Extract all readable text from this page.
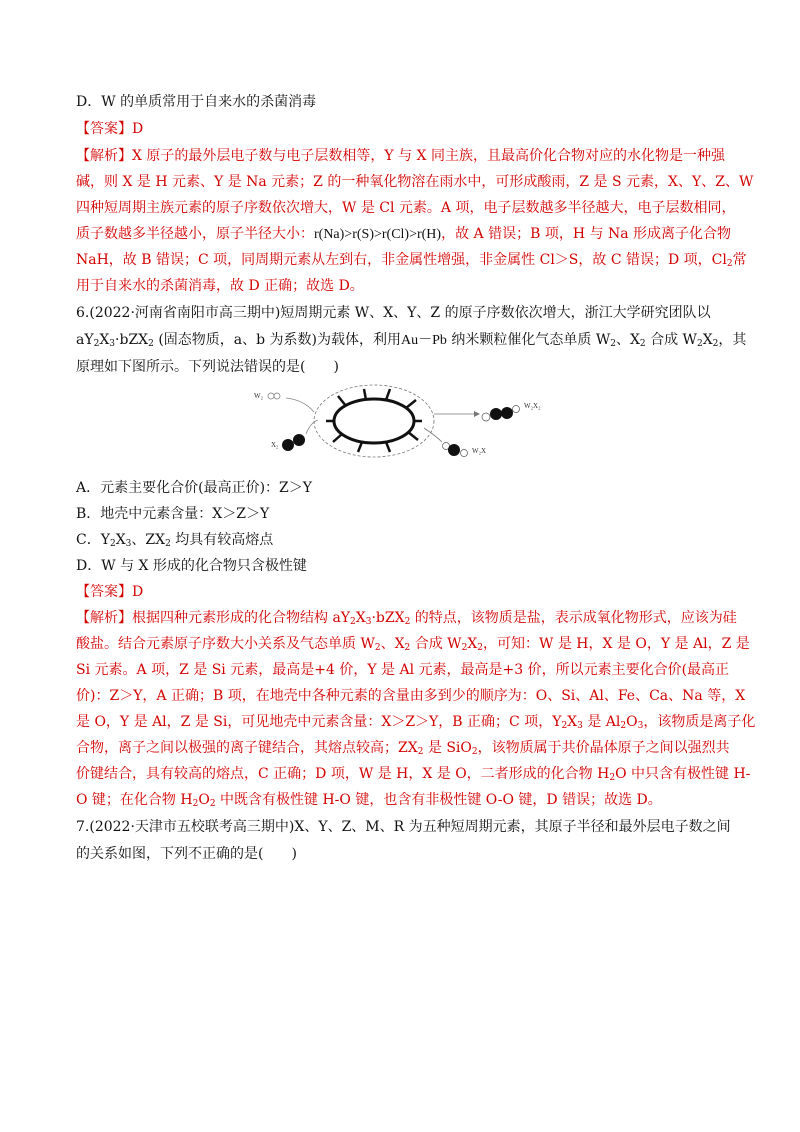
D．W 的单质常用于自来水的杀菌消毒
【答案】D
【解析】X 原子的最外层电子数与电子层数相等，Y 与 X 同主族，且最高价化合物对应的水化物是一种强
碱，则 X 是 H 元素、Y 是 Na 元素；Z 的一种氧化物溶在雨水中，可形成酸雨，Z 是 S 元素，X、Y、Z、W
四种短周期主族元素的原子序数依次增大，W 是 Cl 元素。A 项，电子层数越多半径越大，电子层数相同，
质子数越多半径越小，原子半径大小：r(Na)>r(S)>r(Cl)>r(H)，故 A 错误；B 项，H 与 Na 形成离子化合物
NaH，故 B 错误；C 项，同周期元素从左到右，非金属性增强，非金属性 Cl＞S，故 C 错误；D 项，$Cl_2$常
用于自来水的杀菌消毒，故 D 正确；故选 D。
6.(2022·河南省南阳市高三期中)短周期元素 W、X、Y、Z 的原子序数依次增大，浙江大学研究团队以
$aY_2X_3\cdot bZX_2$ (固态物质，a、b 为系数)为载体，利用Au－Pb 纳米颗粒催化气态单质 $W_2$、$X_2$ 合成 $W_2X_2$，其
原理如下图所示。下列说法错误的是(　　)
W₂
X₂
W₂X₂
W₂X
A．元素主要化合价(最高正价)：Z＞Y
B．地壳中元素含量：X＞Z＞Y
C．$Y_2X_3$、$ZX_2$ 均具有较高熔点
D．W 与 X 形成的化合物只含极性键
【答案】D
【解析】根据四种元素形成的化合物结构 $aY_2X_3\cdot bZX_2$ 的特点，该物质是盐，表示成氧化物形式，应该为硅
酸盐。结合元素原子序数大小关系及气态单质 $W_2$、$X_2$ 合成 $W_2X_2$，可知：W 是 H，X 是 O，Y 是 Al，Z 是
Si 元素。A 项，Z 是 Si 元素，最高是+4 价，Y 是 Al 元素，最高是+3 价，所以元素主要化合价(最高正
价)：Z＞Y，A 正确；B 项，在地壳中各种元素的含量由多到少的顺序为：O、Si、Al、Fe、Ca、Na 等，X
是 O，Y 是 Al，Z 是 Si，可见地壳中元素含量：X＞Z＞Y，B 正确；C 项，$Y_2X_3$ 是 $Al_2O_3$，该物质是离子化
合物，离子之间以极强的离子键结合，其熔点较高；$ZX_2$ 是 SiO$_2$，该物质属于共价晶体原子之间以强烈共
价键结合，具有较高的熔点，C 正确；D 项，W 是 H，X 是 O，二者形成的化合物 $H_2O$ 中只含有极性键 H-
O 键；在化合物 $H_2O_2$ 中既含有极性键 H-O 键，也含有非极性键 O-O 键，D 错误；故选 D。
7.(2022·天津市五校联考高三期中)X、Y、Z、M、R 为五种短周期元素，其原子半径和最外层电子数之间
的关系如图，下列不正确的是(　　)
